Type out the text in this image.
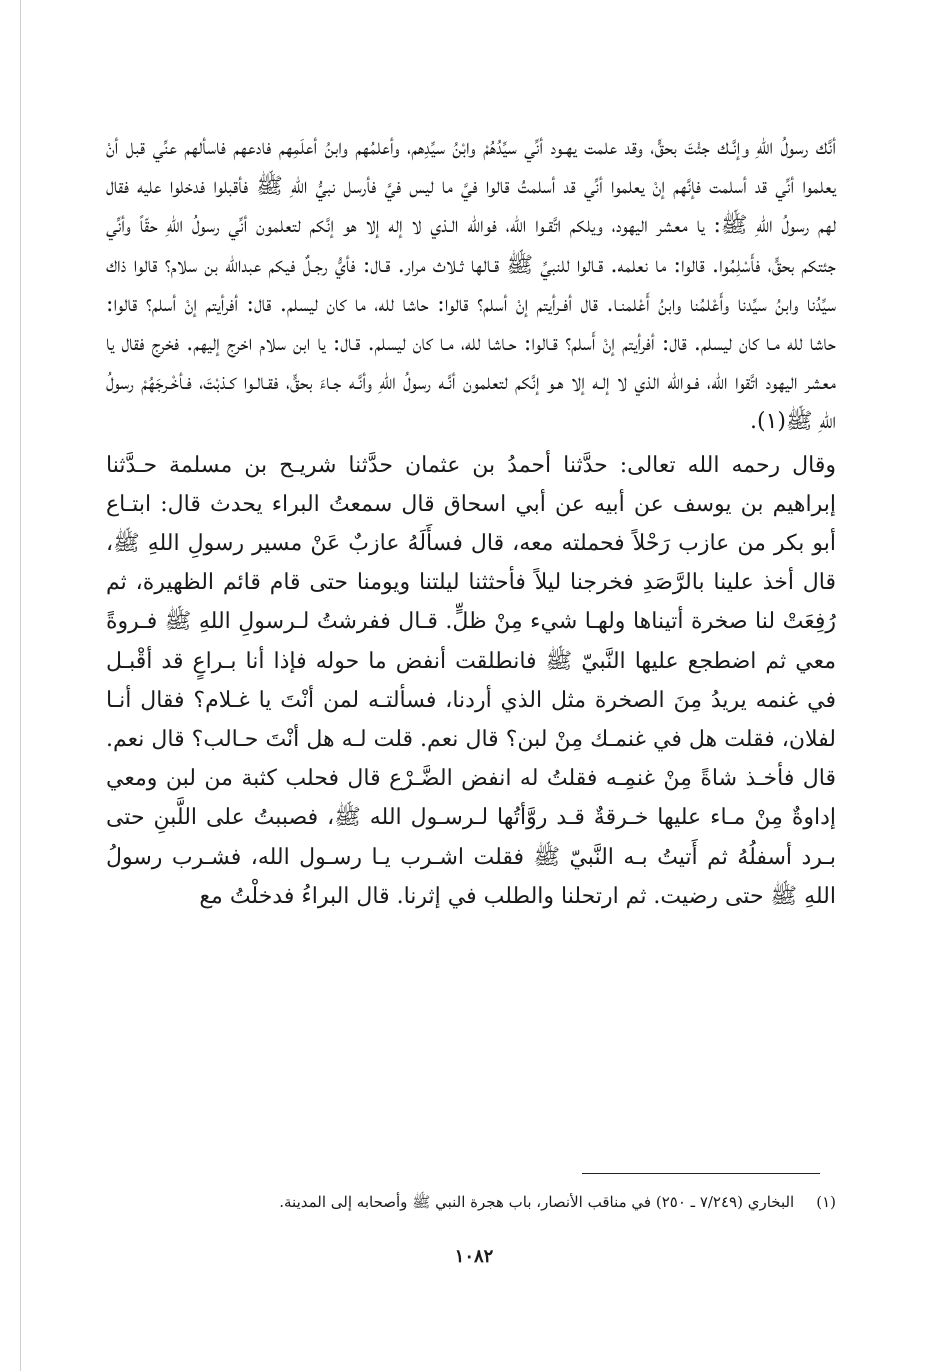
أنَّك رسولُ اللهِ وإنَّـك جئْتَ بحقٍّ، وقد علمت يهـود أنِّي سيِّدُهُمْ وابْنُ سيِّدِهم، وأعلمُهم وابنُ أعلَمِهم فادعهم فاسألهم عنِّي قبل أنْ يعلموا أنِّي قد أسلمت فإنَّهم إنْ يعلموا أنِّي قد أسلمتُ قالوا فيَّ ما ليس فيَّ فأرسل نبيُّ اللهِ ﷺ فأقبلوا فدخلوا عليه فقال لهم رسولُ اللهِ ﷺ: يا معشر اليهود، ويلكم اتَّقـوا الله، فوالله الـذي لا إله إلا هو إنَّكم لتعلمون أنِّي رسولُ اللهِ حقّاً وأنِّي جئتكم بحقٍّ، فأَسْلِمُوا. قالوا: ما نعلمه. قـالوا للنبيِّ ﷺ قـالها ثـلاث مرار. قـال: فأيُّ رجـلٌ فيكم عبدالله بن سلام؟ قالوا ذاك سيِّدُنا وابنُ سيِّدنا وأَعْلمُنا وابنُ أَعْلمنـا. قال أفـرأيتم إنْ أسلم؟ قالوا: حاشا لله، ما كان ليسلم. قال: أفرأيتم إنْ أسلم؟ قالوا: حاشا لله مـا كان ليسلم. قال: أفرأيتم إنْ أَسلم؟ قـالوا: حـاشا لله، مـا كان ليسلم. قـال: يا ابن سلام اخرج إليهم. فخرج فقال يا معشر اليهود اتَّقوا الله، فـوالله الذي لا إلـه إلا هـو إنَّكم لتعلمون أنَّـه رسولُ اللهِ وأنَّـه جـاءَ بحقٍّ، فقـالـوا كـذبْتَ، فـأخْـرجَهُمْ رسولُ اللهِ ﷺ(١).

وقال رحمه الله تعالى: حدَّثنا أحمدُ بن عثمان حدَّثنا شريـح بن مسلمة حـدَّثنا إبراهيم بن يوسف عن أبيه عن أبي اسحاق قال سمعتُ البراء يحدث قال: ابتـاع أبو بكر من عازب رَحْلاً فحملته معه، قال فسأَلَهُ عازبٌ عَنْ مسير رسولِ اللهِ ﷺ، قال أخذ علينا بالرَّصَدِ فخرجنا ليلاً فأحثثنا ليلتنا ويومنا حتى قام قائم الظهيرة، ثم رُفِعَتْ لنا صخرة أتيناها ولهـا شيء مِنْ ظلٍّ. قـال ففرشتُ لـرسولِ اللهِ ﷺ فـروةً معي ثم اضطجع عليها النَّبيّ ﷺ فانطلقت أنفض ما حوله فإذا أنا بـراعٍ قد أقْبـل في غنمه يريدُ مِنَ الصخرة مثل الذي أردنا، فسألتـه لمن أنْتَ يا غـلام؟ فقال أنـا لفلان، فقلت هل في غنمـك مِنْ لبن؟ قال نعم. قلت لـه هل أنْتَ حـالب؟ قال نعم. قال فأخـذ شاةً مِنْ غنمِـه فقلتُ له انفض الضَّـرْع قال فحلب كثبة من لبن ومعي إداوةٌ مِنْ مـاء عليها خـرقةٌ قـد روَّأتُها لـرسـول الله ﷺ، فصببتُ على اللَّبنِ حتى بـرد أسفلُهُ ثم أَتيتُ بـه النَّبيّ ﷺ فقلت اشـرب يـا رسـول الله، فشـرب رسولُ اللهِ ﷺ حتى رضيت. ثم ارتحلنا والطلب في إثرنا. قال البراءُ فدخلْتُ مع

(١)البخاري (٧/٢٤٩ ـ ٢٥٠) في مناقب الأنصار، باب هجرة النبي ﷺ وأصحابه إلى المدينة.
١٠٨٢
